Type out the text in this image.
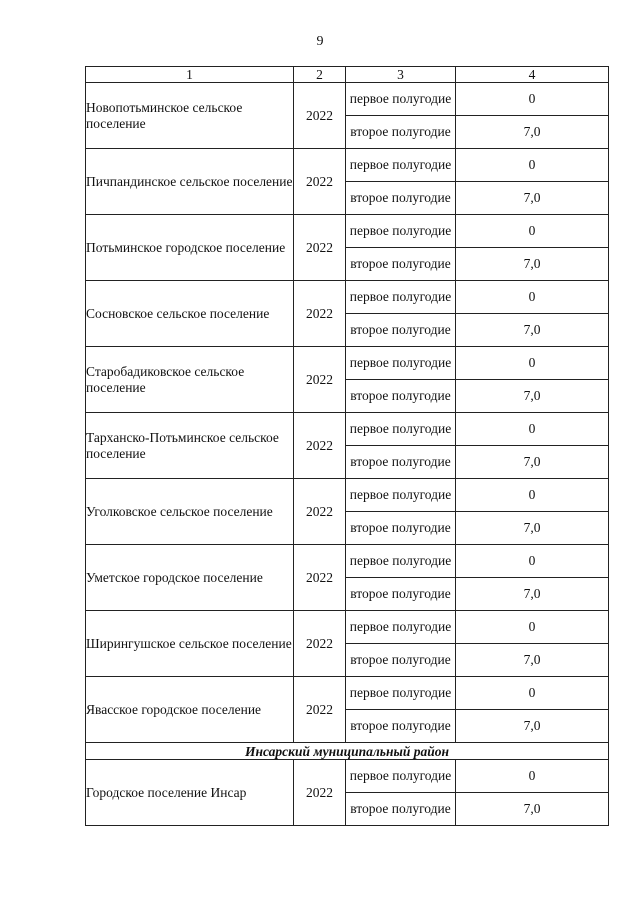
9
1	2	3	4
Новопотьминское сельское поселение	2022	первое полугодие	0
		второе полугодие	7,0
Пичпандинское сельское поселение	2022	первое полугодие	0
		второе полугодие	7,0
Потьминское городское поселение	2022	первое полугодие	0
		второе полугодие	7,0
Сосновское сельское поселение	2022	первое полугодие	0
		второе полугодие	7,0
Старобадиковское сельское поселение	2022	первое полугодие	0
		второе полугодие	7,0
Тарханско-Потьминское сельское поселение	2022	первое полугодие	0
		второе полугодие	7,0
Уголковское сельское поселение	2022	первое полугодие	0
		второе полугодие	7,0
Уметское городское поселение	2022	первое полугодие	0
		второе полугодие	7,0
Ширингушское сельское поселение	2022	первое полугодие	0
		второе полугодие	7,0
Явасское городское поселение	2022	первое полугодие	0
		второе полугодие	7,0
Инсарский муниципальный район			
Городское поселение Инсар	2022	первое полугодие	0
		второе полугодие	7,0
